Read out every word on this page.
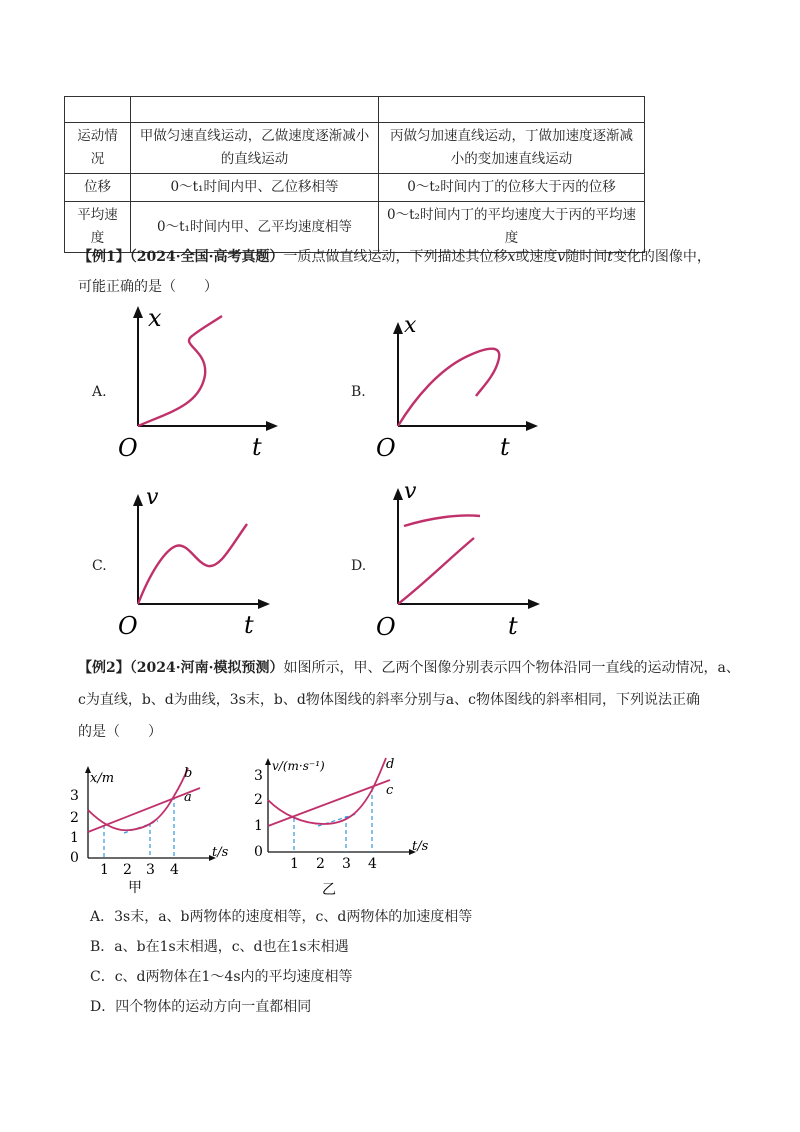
运动情况	甲做匀速直线运动，乙做速度逐渐减小的直线运动	丙做匀加速直线运动，丁做加速度逐渐减小的变加速直线运动
位移	0～t₁时间内甲、乙位移相等	0～t₂时间内丁的位移大于丙的位移
平均速度	0～t₁时间内甲、乙平均速度相等	0～t₂时间内丁的平均速度大于丙的平均速度
【例1】（2024·全国·高考真题）一质点做直线运动，下列描述其位移x或速度v随时间t变化的图像中，
可能正确的是（　　）
A.
x
t
O
B.
x
t
O
C.
v
t
O
D.
v
t
O
【例2】（2024·河南·模拟预测）如图所示，甲、乙两个图像分别表示四个物体沿同一直线的运动情况，a、
c为直线，b、d为曲线，3s末，b、d物体图线的斜率分别与a、c物体图线的斜率相同，下列说法正确
的是（　　）
3
2
1
0
1 2 3 4
x/m
t/s
b
a
甲
3
2
1
0
1 2 3 4
v/(m·s⁻¹)
t/s
d
c
乙
A．3s末，a、b两物体的速度相等，c、d两物体的加速度相等
B．a、b在1s末相遇，c、d也在1s末相遇
C．c、d两物体在1～4s内的平均速度相等
D．四个物体的运动方向一直都相同
